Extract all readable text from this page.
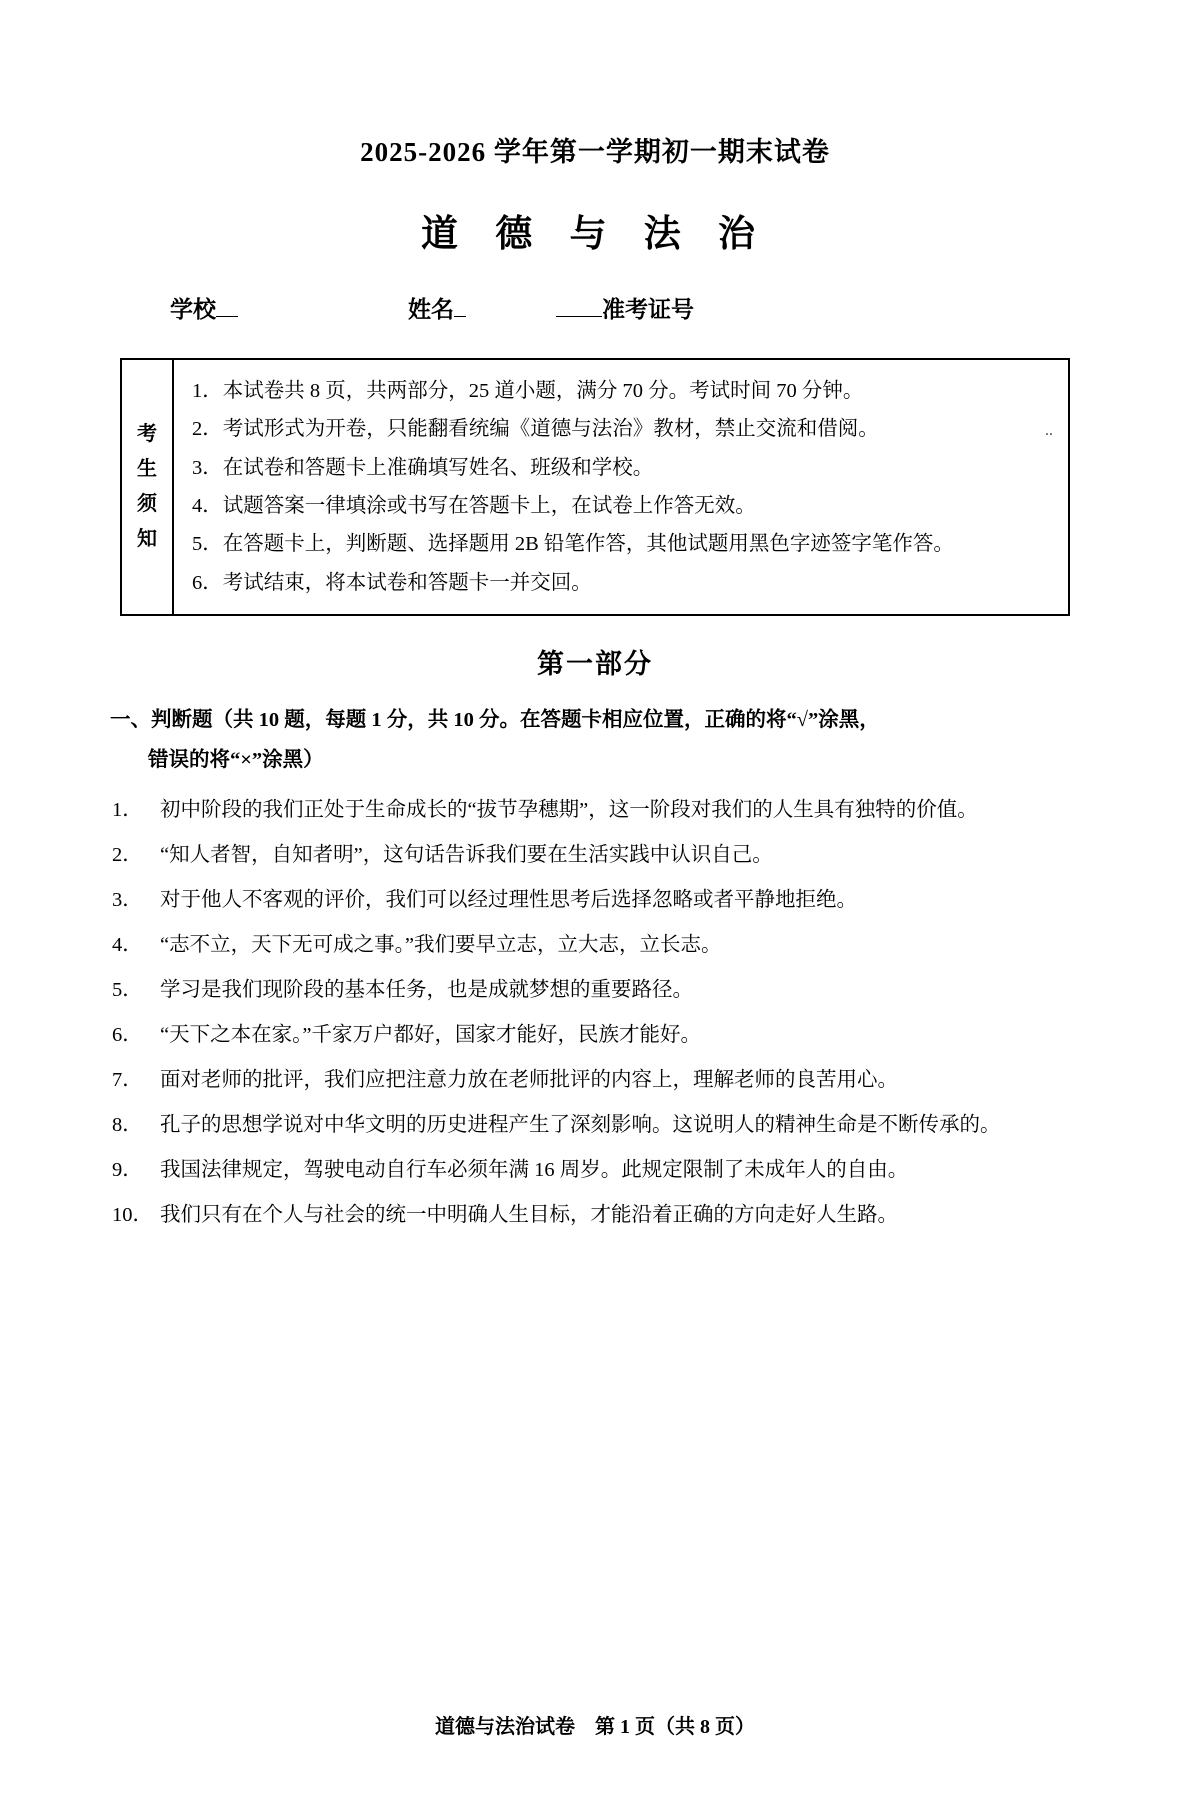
2025-2026 学年第一学期初一期末试卷
道 德 与 法 治
学校	姓名	准考证号
..
考
生
须
知
1．本试卷共 8 页，共两部分，25 道小题，满分 70 分。考试时间 70 分钟。
2．考试形式为开卷，只能翻看统编《道德与法治》教材，禁止交流和借阅。
3．在试卷和答题卡上准确填写姓名、班级和学校。
4．试题答案一律填涂或书写在答题卡上，在试卷上作答无效。
5．在答题卡上，判断题、选择题用 2B 铅笔作答，其他试题用黑色字迹签字笔作答。
6．考试结束，将本试卷和答题卡一并交回。
第一部分
一、判断题（共 10 题，每题 1 分，共 10 分。在答题卡相应位置，正确的将“√”涂黑，
错误的将“×”涂黑）
1． 初中阶段的我们正处于生命成长的“拔节孕穗期”，这一阶段对我们的人生具有独特的价值。
2． “知人者智，自知者明”，这句话告诉我们要在生活实践中认识自己。
3． 对于他人不客观的评价，我们可以经过理性思考后选择忽略或者平静地拒绝。
4． “志不立，天下无可成之事。”我们要早立志，立大志，立长志。
5． 学习是我们现阶段的基本任务，也是成就梦想的重要路径。
6． “天下之本在家。”千家万户都好，国家才能好，民族才能好。
7． 面对老师的批评，我们应把注意力放在老师批评的内容上，理解老师的良苦用心。
8． 孔子的思想学说对中华文明的历史进程产生了深刻影响。这说明人的精神生命是不断传承的。
9． 我国法律规定，驾驶电动自行车必须年满 16 周岁。此规定限制了未成年人的自由。
10． 我们只有在个人与社会的统一中明确人生目标，才能沿着正确的方向走好人生路。
道德与法治试卷　第 1 页（共 8 页）
